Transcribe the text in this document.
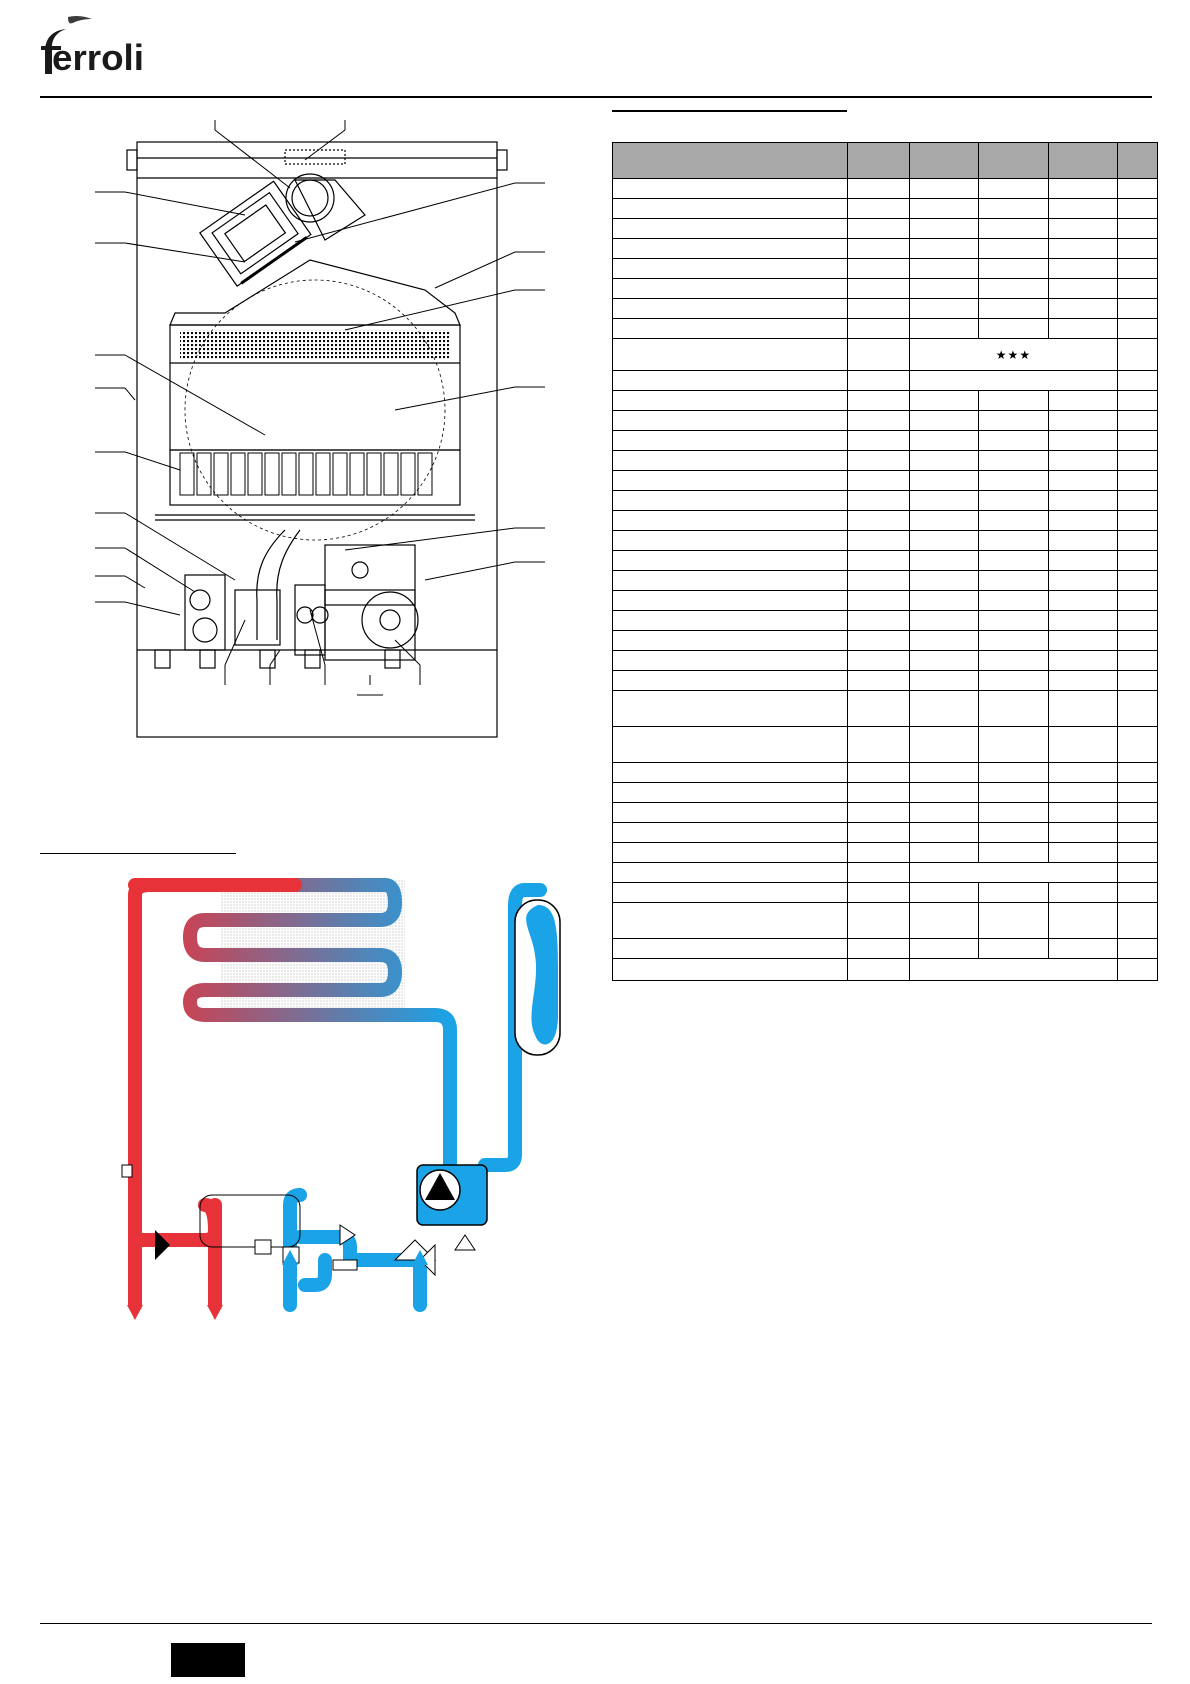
erroli

		★★★			
